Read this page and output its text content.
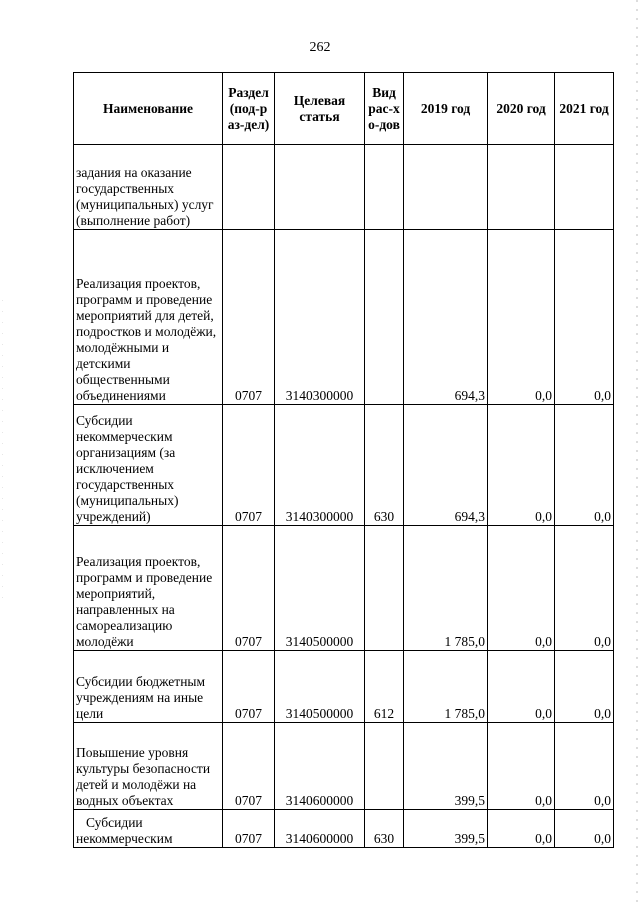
262
Наименование	Раздел (под-раз-дел)	Целевая статья	Вид рас-хо-дов	2019 год	2020 год	2021 год
задания на оказание государственных (муниципальных) услуг (выполнение работ)						
Реализация проектов, программ и проведение мероприятий для детей, подростков и молодёжи, молодёжными и детскими общественными объединениями	0707	3140300000		694,3	0,0	0,0
Субсидии некоммерческим организациям (за исключением государственных (муниципальных) учреждений)	0707	3140300000	630	694,3	0,0	0,0
Реализация проектов, программ и проведение мероприятий, направленных на самореализацию молодёжи	0707	3140500000		1 785,0	0,0	0,0
Субсидии бюджетным учреждениям на иные цели	0707	3140500000	612	1 785,0	0,0	0,0
Повышение уровня культуры безопасности детей и молодёжи на водных объектах	0707	3140600000		399,5	0,0	0,0
Субсидии некоммерческим	0707	3140600000	630	399,5	0,0	0,0
